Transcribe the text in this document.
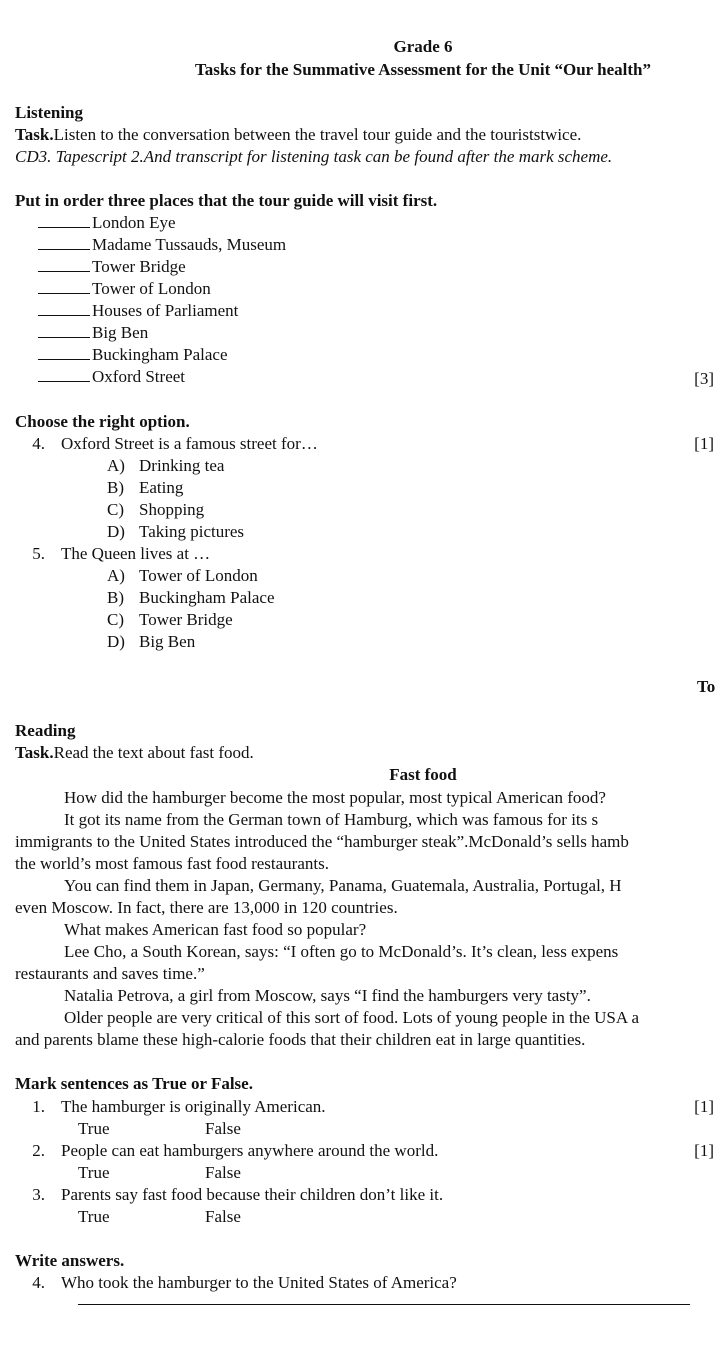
Grade 6
Tasks for the Summative Assessment for the Unit “Our health”
Listening
Task.Listen to the conversation between the travel tour guide and the touriststwice.
CD3. Tapescript 2.And transcript for listening task can be found after the mark scheme.
Put in order three places that the tour guide will visit first.
London Eye
Madame Tussauds, Museum
Tower Bridge
Tower of London
Houses of Parliament
Big Ben
Buckingham Palace
Oxford Street	[3]
Choose the right option.
4. Oxford Street is a famous street for…	[1]
A) Drinking tea
B) Eating
C) Shopping
D) Taking pictures
5. The Queen lives at …
A) Tower of London
B) Buckingham Palace
C) Tower Bridge
D) Big Ben
To
Reading
Task.Read the text about fast food.
Fast food
How did the hamburger become the most popular, most typical American food?
It got its name from the German town of Hamburg, which was famous for its s
immigrants to the United States introduced the “hamburger steak”.McDonald’s sells hamb
the world’s most famous fast food restaurants.
You can find them in Japan, Germany, Panama, Guatemala, Australia, Portugal, H
even Moscow. In fact, there are 13,000 in 120 countries.
What makes American fast food so popular?
Lee Cho, a South Korean, says: “I often go to McDonald’s. It’s clean, less expens
restaurants and saves time.”
Natalia Petrova, a girl from Moscow, says “I find the hamburgers very tasty”.
Older people are very critical of this sort of food. Lots of young people in the USA a
and parents blame these high-calorie foods that their children eat in large quantities.
Mark sentences as True or False.
1. The hamburger is originally American.	[1]
True	False
2. People can eat hamburgers anywhere around the world.	[1]
True	False
3. Parents say fast food because their children don’t like it.
True	False
Write answers.
4. Who took the hamburger to the United States of America?
